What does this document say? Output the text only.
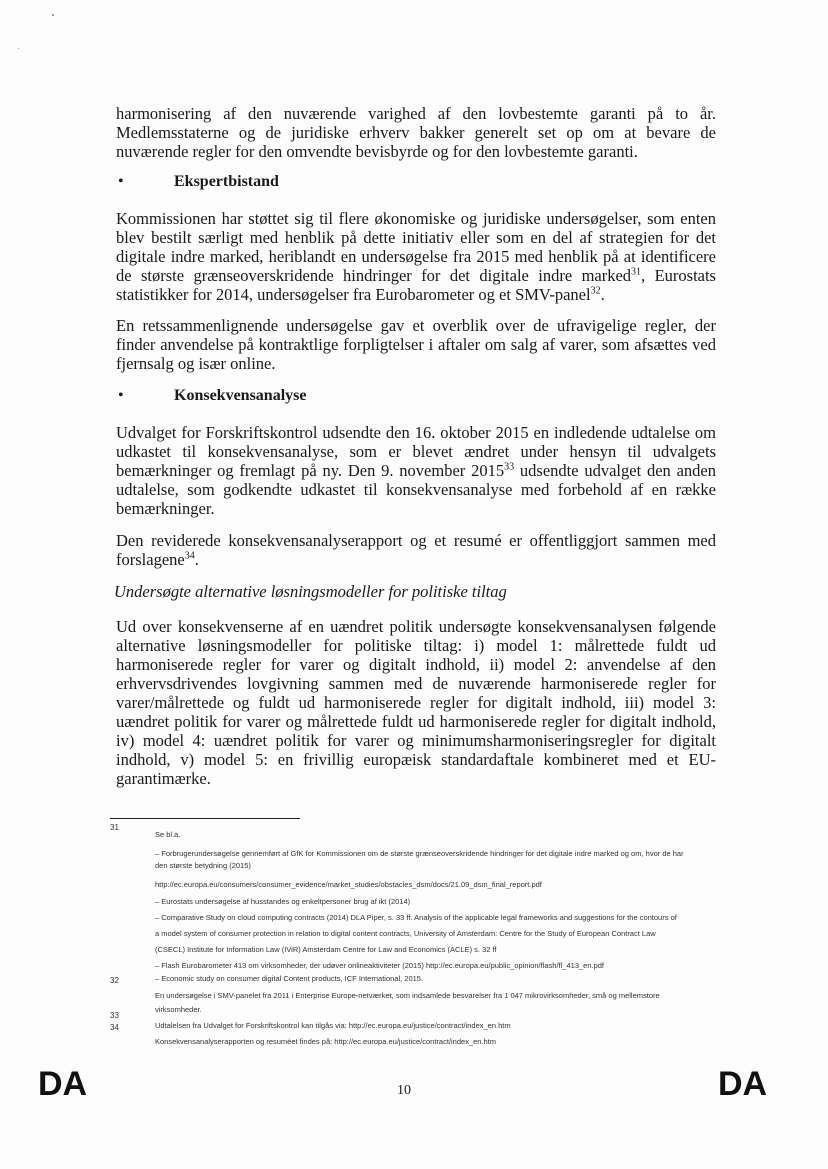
harmonisering af den nuværende varighed af den lovbestemte garanti på to år. Medlemsstaterne og de juridiske erhverv bakker generelt set op om at bevare de nuværende regler for den omvendte bevisbyrde og for den lovbestemte garanti.

•	Ekspertbistand

Kommissionen har støttet sig til flere økonomiske og juridiske undersøgelser, som enten blev bestilt særligt med henblik på dette initiativ eller som en del af strategien for det digitale indre marked, heriblandt en undersøgelse fra 2015 med henblik på at identificere de største grænseoverskridende hindringer for det digitale indre marked$^{31}$, Eurostats statistikker for 2014, undersøgelser fra Eurobarometer og et SMV-panel$^{32}$.

En retssammenlignende undersøgelse gav et overblik over de ufravigelige regler, der finder anvendelse på kontraktlige forpligtelser i aftaler om salg af varer, som afsættes ved fjernsalg og især online.

•	Konsekvensanalyse

Udvalget for Forskriftskontrol udsendte den 16. oktober 2015 en indledende udtalelse om udkastet til konsekvensanalyse, som er blevet ændret under hensyn til udvalgets bemærkninger og fremlagt på ny. Den 9. november 2015$^{33}$ udsendte udvalget den anden udtalelse, som godkendte udkastet til konsekvensanalyse med forbehold af en række bemærkninger.

Den reviderede konsekvensanalyserapport og et resumé er offentliggjort sammen med forslagene$^{34}$.

Undersøgte alternative løsningsmodeller for politiske tiltag

Ud over konsekvenserne af en uændret politik undersøgte konsekvensanalysen følgende alternative løsningsmodeller for politiske tiltag: i) model 1: målrettede fuldt ud harmoniserede regler for varer og digitalt indhold, ii) model 2: anvendelse af den erhvervsdrivendes lovgivning sammen med de nuværende harmoniserede regler for varer/målrettede og fuldt ud harmoniserede regler for digitalt indhold, iii) model 3: uændret politik for varer og målrettede fuldt ud harmoniserede regler for digitalt indhold, iv) model 4: uændret politik for varer og minimumsharmoniseringsregler for digitalt indhold, v) model 5: en frivillig europæisk standardaftale kombineret med et EU-garantimærke.

31
Se bl.a.
– Forbrugerundersøgelse gennemført af GfK for Kommissionen om de største grænseoverskridende hindringer for det digitale indre marked og om, hvor de har
den største betydning (2015)
http://ec.europa.eu/consumers/consumer_evidence/market_studies/obstacles_dsm/docs/21.09_dsm_final_report.pdf
– Eurostats undersøgelse af husstandes og enkeltpersoner brug af ikt (2014)
– Comparative Study on cloud computing contracts (2014) DLA Piper, s. 33 ff. Analysis of the applicable legal frameworks and suggestions for the contours of
a model system of consumer protection in relation to digital content contracts, University of Amsterdam: Centre for the Study of European Contract Law
(CSECL) Institute for Information Law (IViR) Amsterdam Centre for Law and Economics (ACLE) s. 32 ff
– Flash Eurobarometer 413 om virksomheder, der udøver onlineaktiviteter (2015) http://ec.europa.eu/public_opinion/flash/fl_413_en.pdf
32	– Economic study on consumer digital Content products, ICF International, 2015.
En undersøgelse i SMV-panelet fra 2011 i Enterprise Europe-netværket, som indsamlede besvarelser fra 1 047 mikrovirksomheder, små og mellemstore
virksomheder.
33
34	Udtalelsen fra Udvalget for Forskriftskontrol kan tilgås via: http://ec.europa.eu/justice/contract/index_en.htm
Konsekvensanalyserapporten og resuméet findes på: http://ec.europa.eu/justice/contract/index_en.htm
DA	10	DA
